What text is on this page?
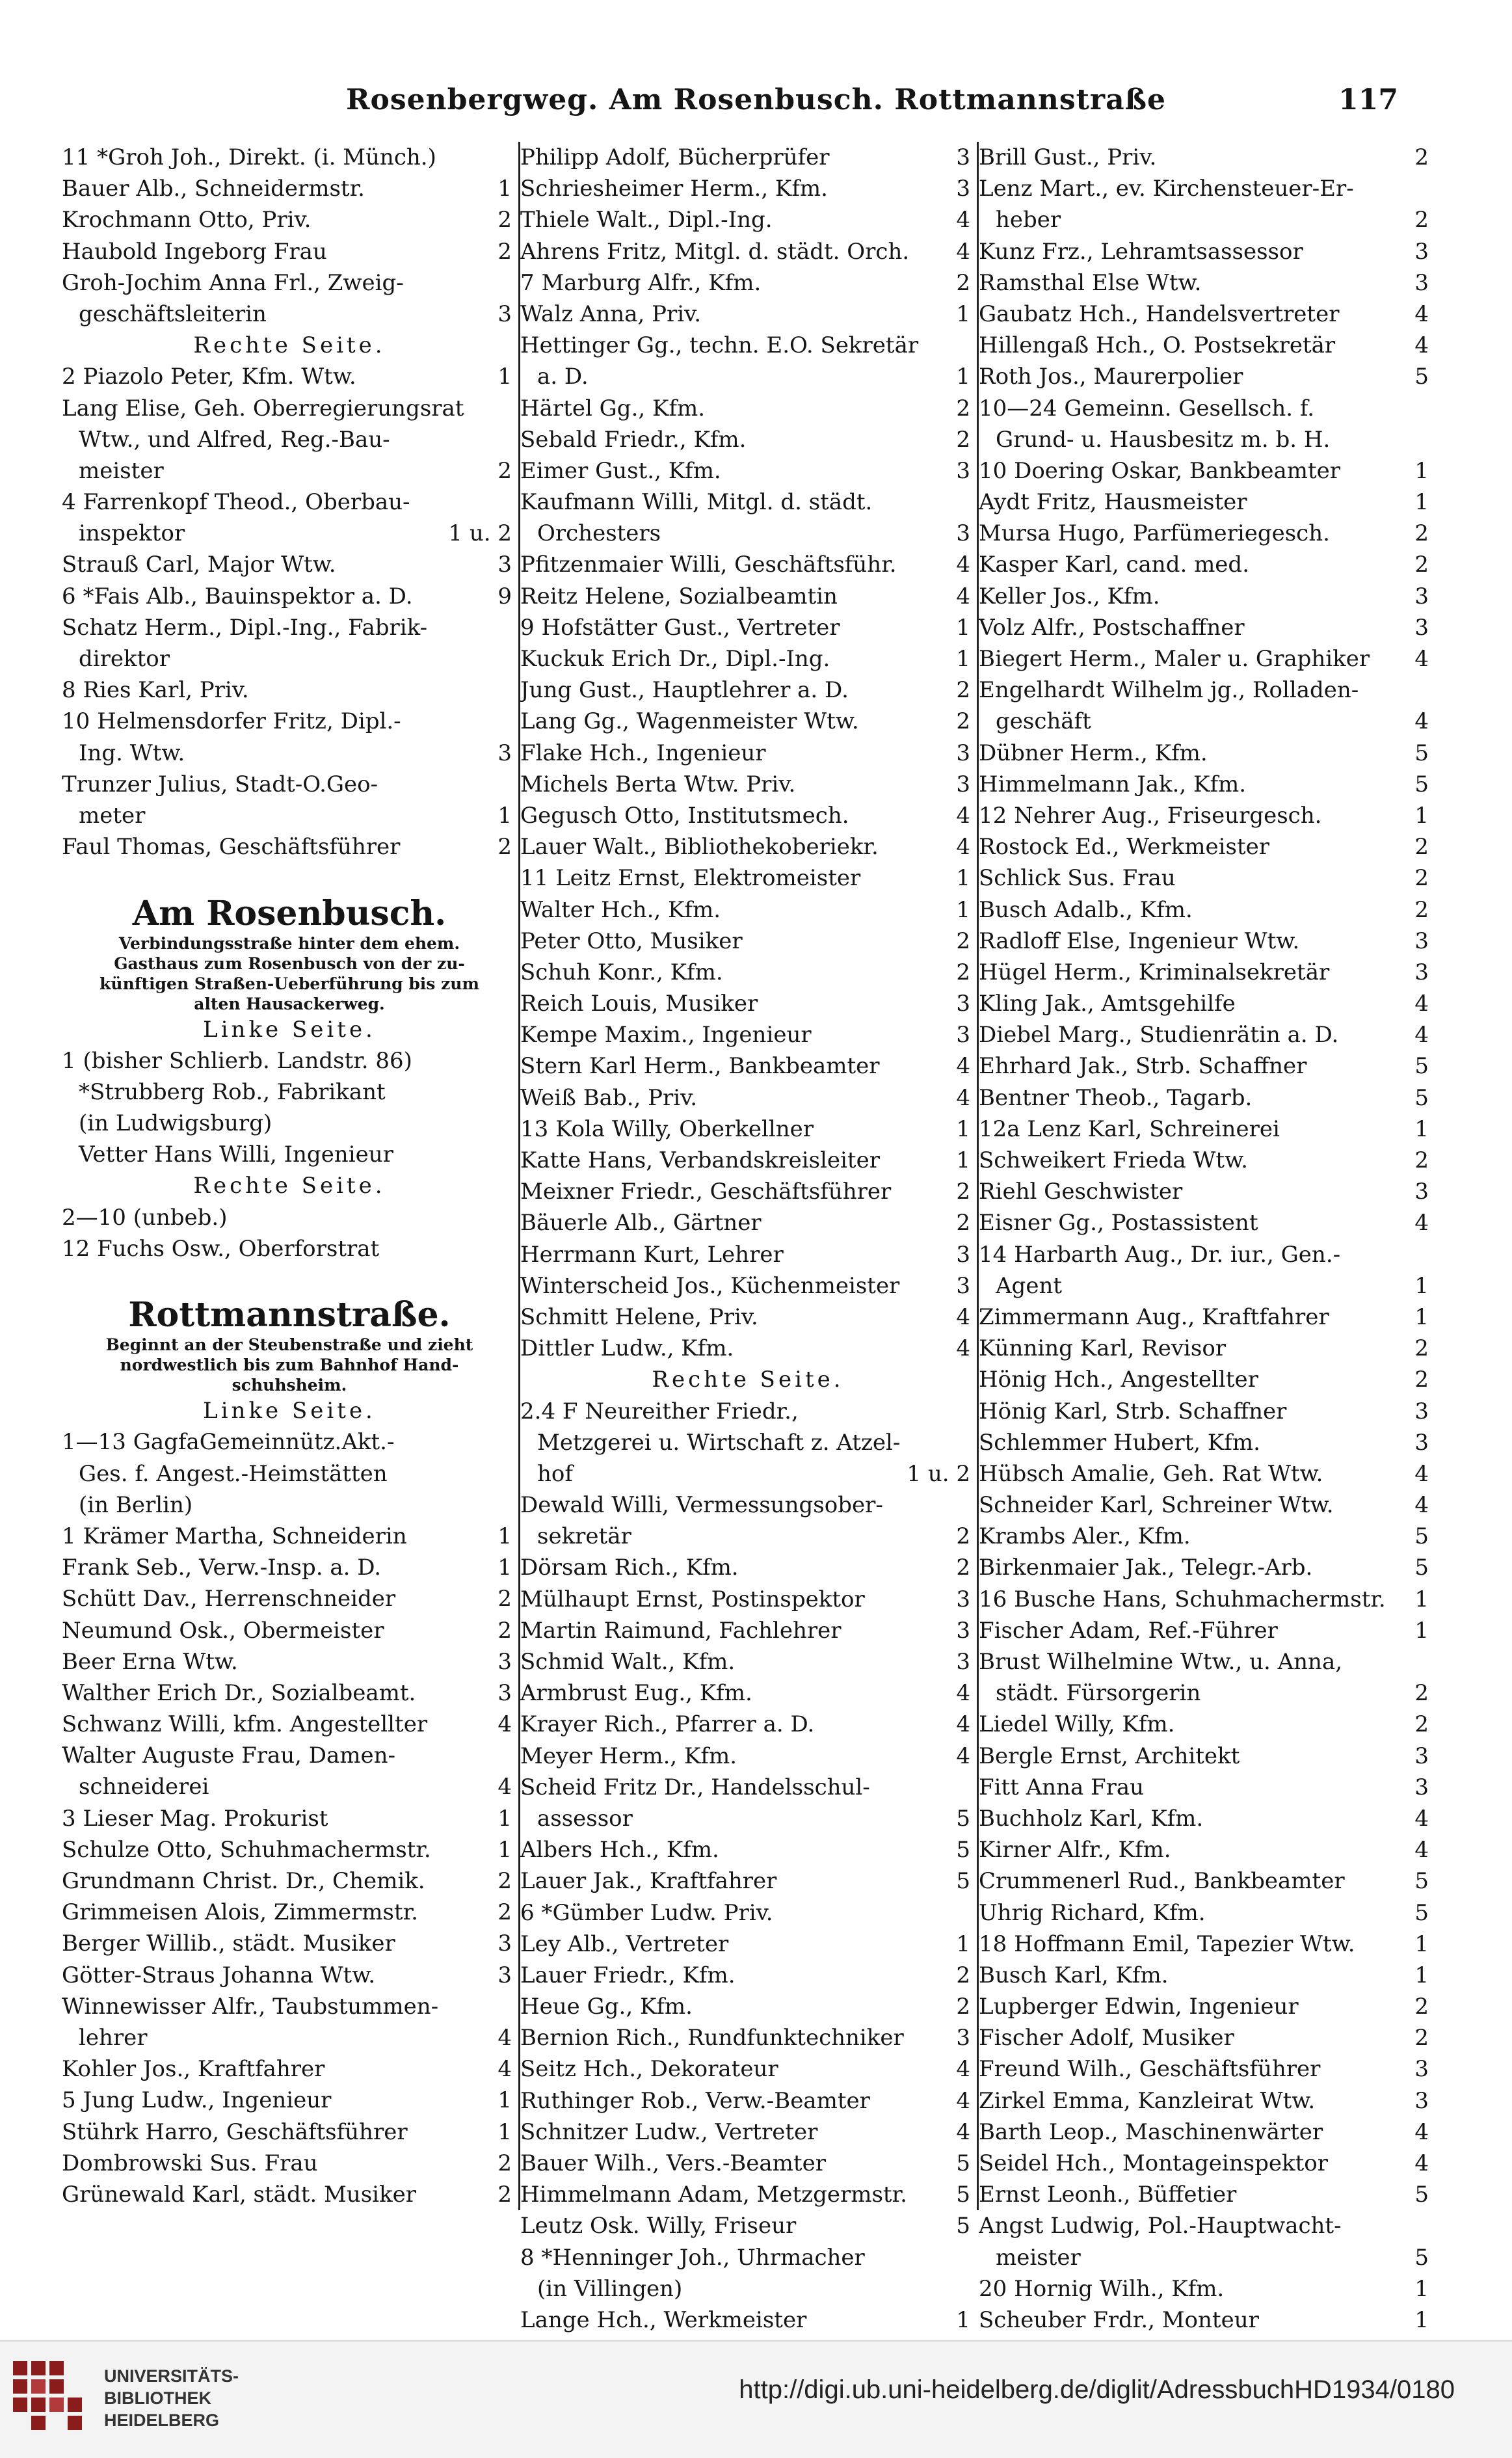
Rosenbergweg. Am Rosenbusch. Rottmannstraße	117
11 *Groh Joh., Direkt. (i. Münch.)
Bauer Alb., Schneidermstr.	1
Krochmann Otto, Priv.	2
Haubold Ingeborg Frau	2
Groh-Jochim Anna Frl., Zweig-
geschäftsleiterin	3
Rechte Seite.
2 Piazolo Peter, Kfm. Wtw.	1
Lang Elise, Geh. Oberregierungsrat
Wtw., und Alfred, Reg.-Bau-
meister	2
4 Farrenkopf Theod., Oberbau-
inspektor	1 u. 2
Strauß Carl, Major Wtw.	3
6 *Fais Alb., Bauinspektor a. D.	9
Schatz Herm., Dipl.-Ing., Fabrik-
direktor
8 Ries Karl, Priv.
10 Helmensdorfer Fritz, Dipl.-
Ing. Wtw.	3
Trunzer Julius, Stadt-O.Geo-
meter	1
Faul Thomas, Geschäftsführer	2
Am Rosenbusch.
Verbindungsstraße hinter dem ehem.
Gasthaus zum Rosenbusch von der zu-
künftigen Straßen-Ueberführung bis zum
alten Hausackerweg.
Linke Seite.
1 (bisher Schlierb. Landstr. 86)
*Strubberg Rob., Fabrikant
(in Ludwigsburg)
Vetter Hans Willi, Ingenieur
Rechte Seite.
2—10 (unbeb.)
12 Fuchs Osw., Oberforstrat
Rottmannstraße.
Beginnt an der Steubenstraße und zieht
nordwestlich bis zum Bahnhof Hand-
schuhsheim.
Linke Seite.
1—13 GagfaGemeinnütz.Akt.-
Ges. f. Angest.-Heimstätten
(in Berlin)
1 Krämer Martha, Schneiderin	1
Frank Seb., Verw.-Insp. a. D.	1
Schütt Dav., Herrenschneider	2
Neumund Osk., Obermeister	2
Beer Erna Wtw.	3
Walther Erich Dr., Sozialbeamt.	3
Schwanz Willi, kfm. Angestellter	4
Walter Auguste Frau, Damen-
schneiderei	4
3 Lieser Mag. Prokurist	1
Schulze Otto, Schuhmachermstr.	1
Grundmann Christ. Dr., Chemik.	2
Grimmeisen Alois, Zimmermstr.	2
Berger Willib., städt. Musiker	3
Götter-Straus Johanna Wtw.	3
Winnewisser Alfr., Taubstummen-
lehrer	4
Kohler Jos., Kraftfahrer	4
5 Jung Ludw., Ingenieur	1
Stührk Harro, Geschäftsführer	1
Dombrowski Sus. Frau	2
Grünewald Karl, städt. Musiker	2
Philipp Adolf, Bücherprüfer	3
Schriesheimer Herm., Kfm.	3
Thiele Walt., Dipl.-Ing.	4
Ahrens Fritz, Mitgl. d. städt. Orch. 4
7 Marburg Alfr., Kfm.	2
Walz Anna, Priv.	1
Hettinger Gg., techn. E.O. Sekretär
a. D.	1
Härtel Gg., Kfm.	2
Sebald Friedr., Kfm.	2
Eimer Gust., Kfm.	3
Kaufmann Willi, Mitgl. d. städt.
Orchesters	3
Pfitzenmaier Willi, Geschäftsführ.	4
Reitz Helene, Sozialbeamtin	4
9 Hofstätter Gust., Vertreter	1
Kuckuk Erich Dr., Dipl.-Ing.	1
Jung Gust., Hauptlehrer a. D.	2
Lang Gg., Wagenmeister Wtw.	2
Flake Hch., Ingenieur	3
Michels Berta Wtw. Priv.	3
Gegusch Otto, Institutsmech.	4
Lauer Walt., Bibliothekoberiekr.	4
11 Leitz Ernst, Elektromeister	1
Walter Hch., Kfm.	1
Peter Otto, Musiker	2
Schuh Konr., Kfm.	2
Reich Louis, Musiker	3
Kempe Maxim., Ingenieur	3
Stern Karl Herm., Bankbeamter	4
Weiß Bab., Priv.	4
13 Kola Willy, Oberkellner	1
Katte Hans, Verbandskreisleiter	1
Meixner Friedr., Geschäftsführer	2
Bäuerle Alb., Gärtner	2
Herrmann Kurt, Lehrer	3
Winterscheid Jos., Küchenmeister	3
Schmitt Helene, Priv.	4
Dittler Ludw., Kfm.	4
Rechte Seite.
2.4 F Neureither Friedr.,
Metzgerei u. Wirtschaft z. Atzel-
hof	1 u. 2
Dewald Willi, Vermessungsober-
sekretär	2
Dörsam Rich., Kfm.	2
Mülhaupt Ernst, Postinspektor	3
Martin Raimund, Fachlehrer	3
Schmid Walt., Kfm.	3
Armbrust Eug., Kfm.	4
Krayer Rich., Pfarrer a. D.	4
Meyer Herm., Kfm.	4
Scheid Fritz Dr., Handelsschul-
assessor	5
Albers Hch., Kfm.	5
Lauer Jak., Kraftfahrer	5
6 *Gümber Ludw. Priv.
Ley Alb., Vertreter	1
Lauer Friedr., Kfm.	2
Heue Gg., Kfm.	2
Bernion Rich., Rundfunktechniker 3
Seitz Hch., Dekorateur	4
Ruthinger Rob., Verw.-Beamter	4
Schnitzer Ludw., Vertreter	4
Bauer Wilh., Vers.-Beamter	5
Himmelmann Adam, Metzgermstr. 5
Leutz Osk. Willy, Friseur	5
8 *Henninger Joh., Uhrmacher
(in Villingen)
Lange Hch., Werkmeister	1
Brill Gust., Priv.	2
Lenz Mart., ev. Kirchensteuer-Er-
heber	2
Kunz Frz., Lehramtsassessor	3
Ramsthal Else Wtw.	3
Gaubatz Hch., Handelsvertreter	4
Hillengaß Hch., O. Postsekretär	4
Roth Jos., Maurerpolier	5
10—24 Gemeinn. Gesellsch. f.
Grund- u. Hausbesitz m. b. H.
10 Doering Oskar, Bankbeamter	1
Aydt Fritz, Hausmeister	1
Mursa Hugo, Parfümeriegesch.	2
Kasper Karl, cand. med.	2
Keller Jos., Kfm.	3
Volz Alfr., Postschaffner	3
Biegert Herm., Maler u. Graphiker 4
Engelhardt Wilhelm jg., Rolladen-
geschäft	4
Dübner Herm., Kfm.	5
Himmelmann Jak., Kfm.	5
12 Nehrer Aug., Friseurgesch.	1
Rostock Ed., Werkmeister	2
Schlick Sus. Frau	2
Busch Adalb., Kfm.	2
Radloff Else, Ingenieur Wtw.	3
Hügel Herm., Kriminalsekretär	3
Kling Jak., Amtsgehilfe	4
Diebel Marg., Studienrätin a. D.	4
Ehrhard Jak., Strb. Schaffner	5
Bentner Theob., Tagarb.	5
12a Lenz Karl, Schreinerei	1
Schweikert Frieda Wtw.	2
Riehl Geschwister	3
Eisner Gg., Postassistent	4
14 Harbarth Aug., Dr. iur., Gen.-
Agent	1
Zimmermann Aug., Kraftfahrer	1
Künning Karl, Revisor	2
Hönig Hch., Angestellter	2
Hönig Karl, Strb. Schaffner	3
Schlemmer Hubert, Kfm.	3
Hübsch Amalie, Geh. Rat Wtw.	4
Schneider Karl, Schreiner Wtw.	4
Krambs Aler., Kfm.	5
Birkenmaier Jak., Telegr.-Arb.	5
16 Busche Hans, Schuhmachermstr. 1
Fischer Adam, Ref.-Führer	1
Brust Wilhelmine Wtw., u. Anna,
städt. Fürsorgerin	2
Liedel Willy, Kfm.	2
Bergle Ernst, Architekt	3
Fitt Anna Frau	3
Buchholz Karl, Kfm.	4
Kirner Alfr., Kfm.	4
Crummenerl Rud., Bankbeamter	5
Uhrig Richard, Kfm.	5
18 Hoffmann Emil, Tapezier Wtw.	1
Busch Karl, Kfm.	1
Lupberger Edwin, Ingenieur	2
Fischer Adolf, Musiker	2
Freund Wilh., Geschäftsführer	3
Zirkel Emma, Kanzleirat Wtw.	3
Barth Leop., Maschinenwärter	4
Seidel Hch., Montageinspektor	4
Ernst Leonh., Büffetier	5
Angst Ludwig, Pol.-Hauptwacht-
meister	5
20 Hornig Wilh., Kfm.	1
Scheuber Frdr., Monteur	1
UNIVERSITÄTS-
BIBLIOTHEK
HEIDELBERG
http://digi.ub.uni-heidelberg.de/diglit/AdressbuchHD1934/0180
